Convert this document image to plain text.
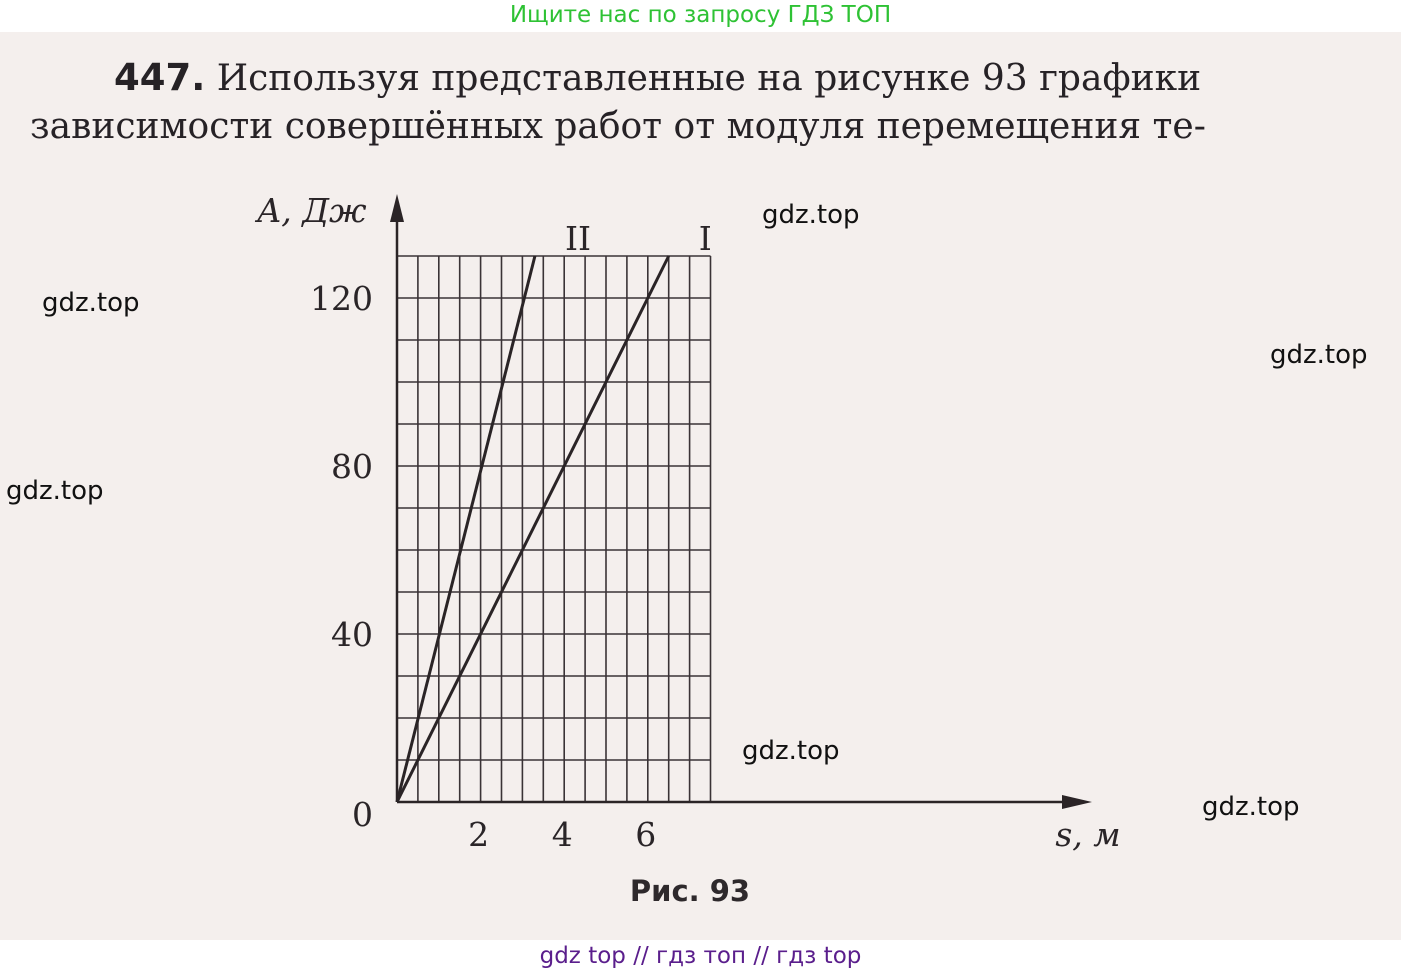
Ищите нас по запросу ГДЗ ТОП

447. Используя представленные на рисунке 93 графики
зависимости совершённых работ от модуля перемещения те-

II	I
2 4 6
40
80
120
0
A, Дж
s, м
Рис. 93
gdz.top
gdz.top
gdz.top
gdz.top
gdz.top
gdz.top
gdz top // гдз топ // гдз top
